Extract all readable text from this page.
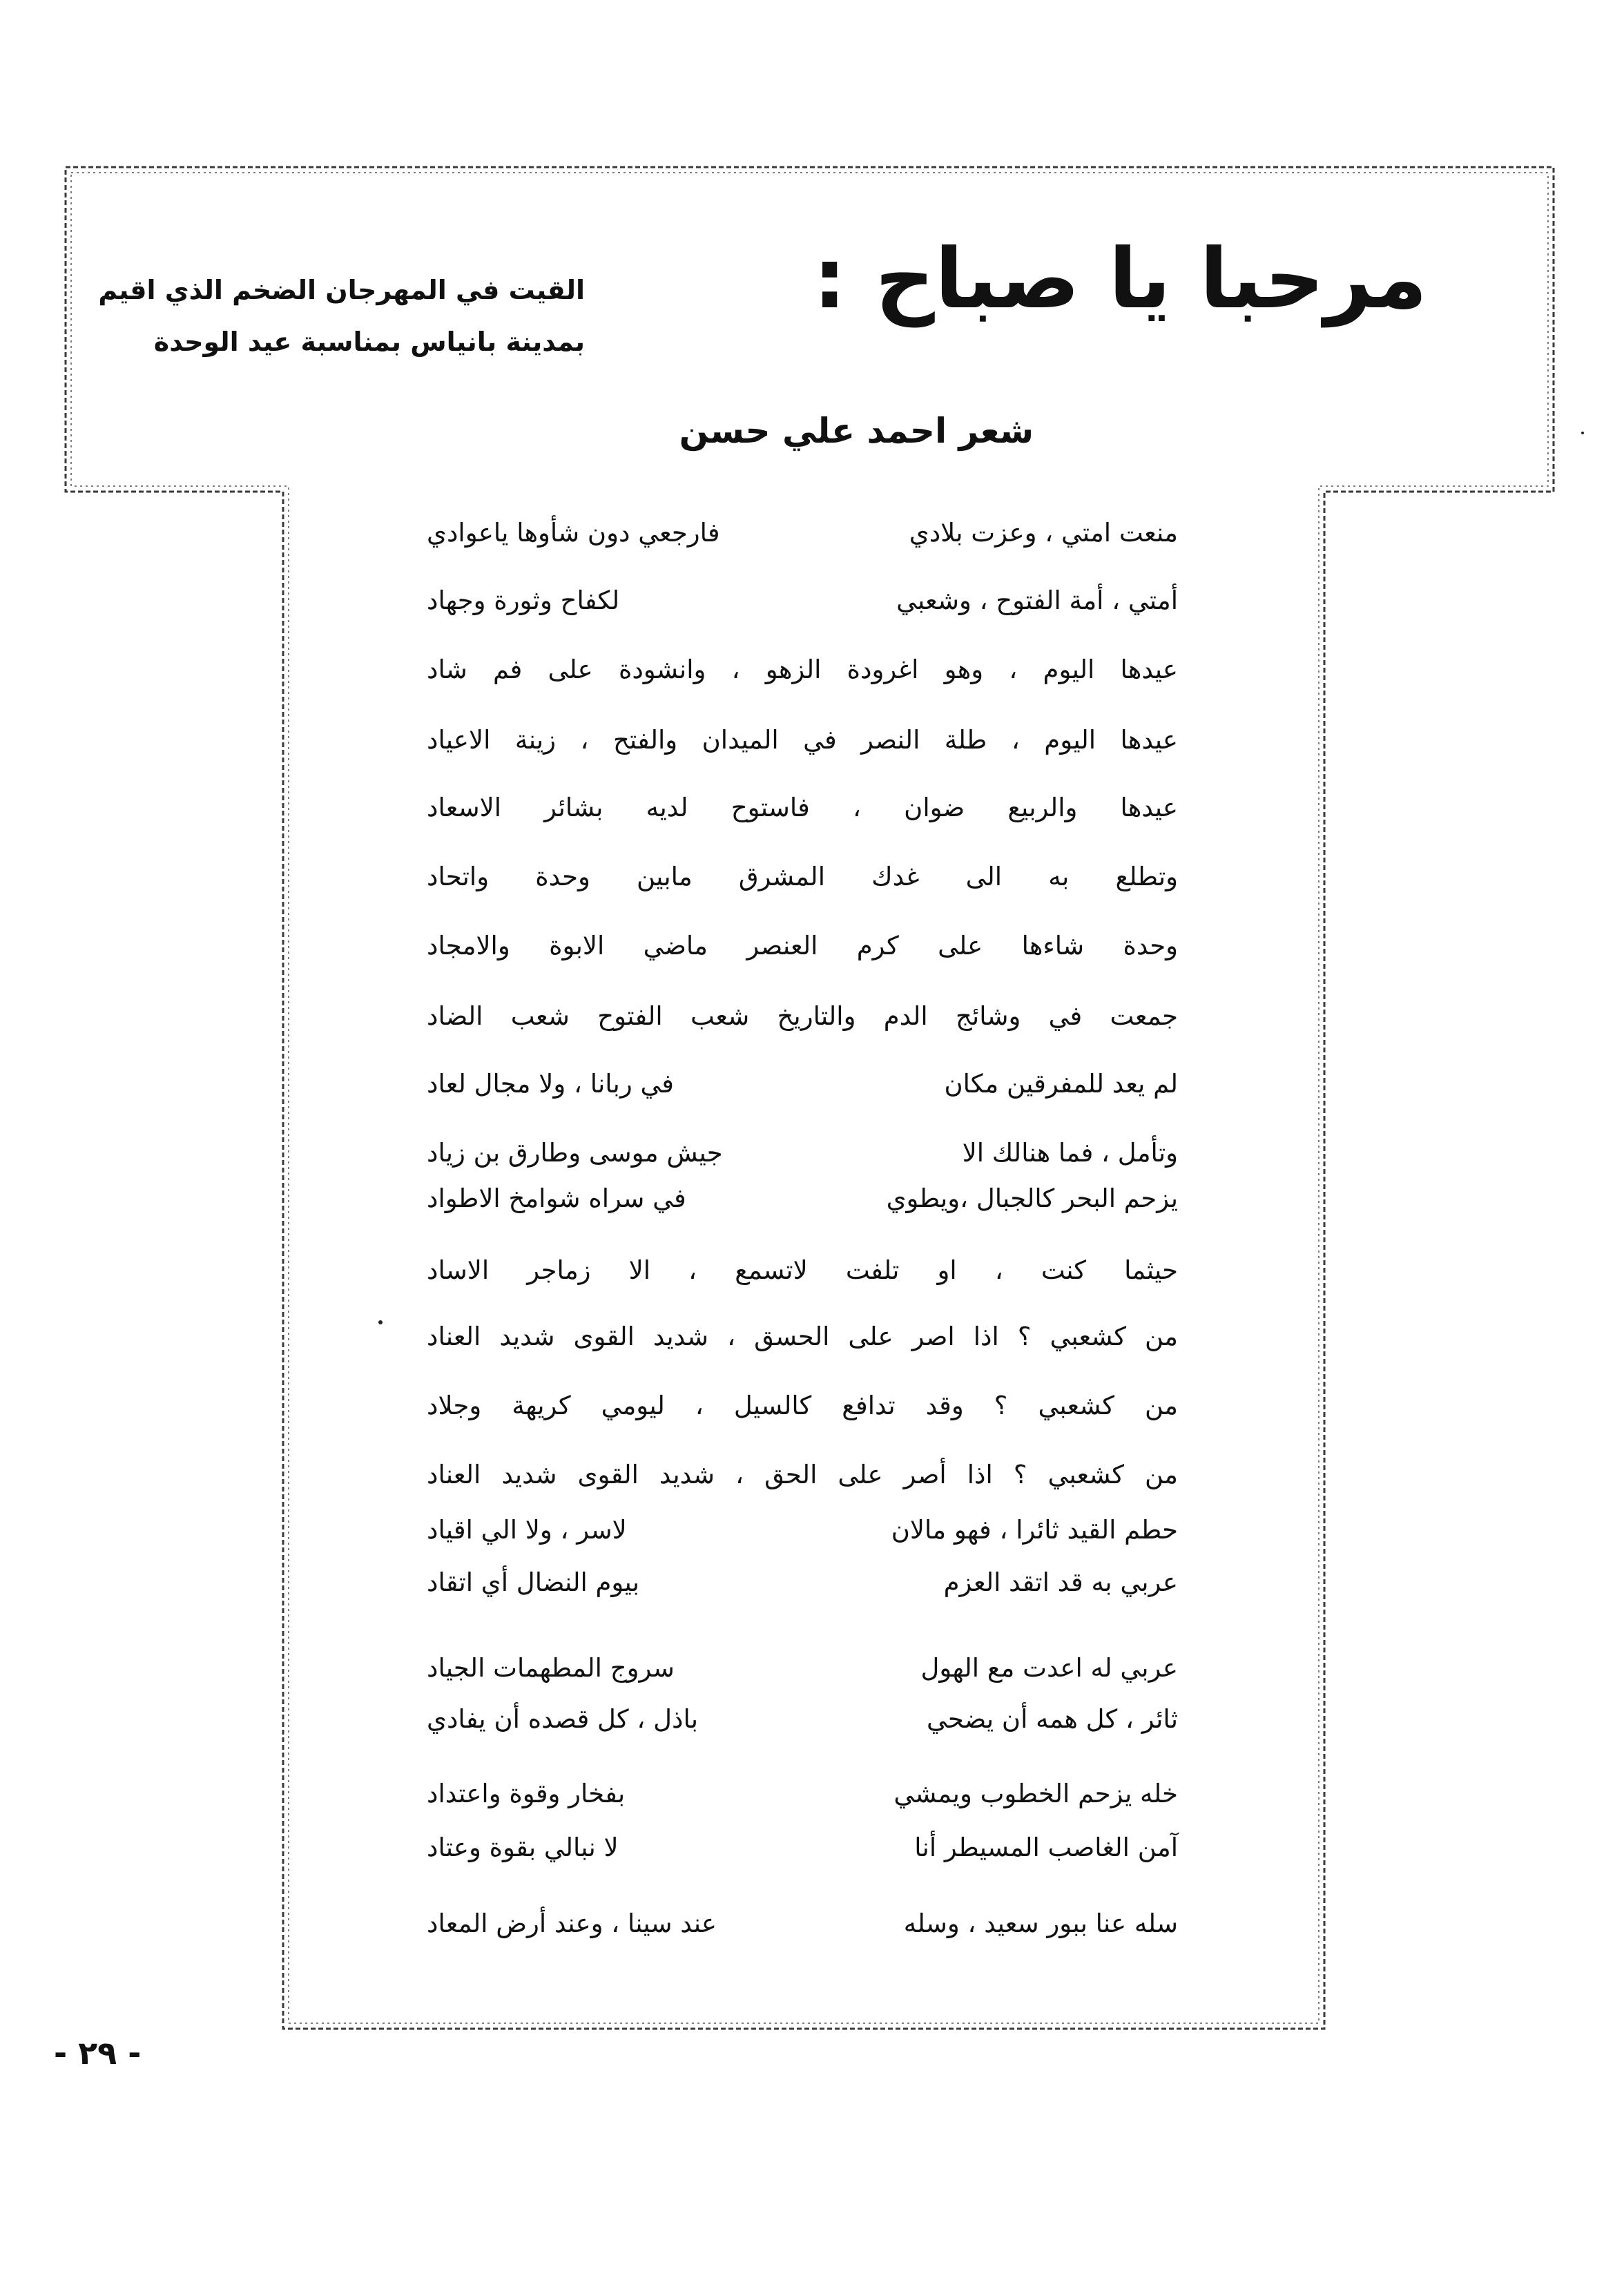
مرحبا يا صباح :
القيت في المهرجان الضخم الذي اقيم
بمدينة بانياس بمناسبة عيد الوحدة
شعر احمد علي حسن
منعت امتي ، وعزت بلادي
فارجعي دون شأوها ياعوادي
أمتي ، أمة الفتوح ، وشعبي
لكفاح وثورة وجهاد
عيدها اليوم ، وهو اغرودة الزهو ، وانشودة على فم شاد
عيدها اليوم ، طلة النصر في الميدان والفتح ، زينة الاعياد
عيدها والربيع ضوان ، فاستوح لديه بشائر الاسعاد
وتطلع به الى غدك المشرق مابين وحدة واتحاد
وحدة شاءها على كرم العنصر ماضي الابوة والامجاد
جمعت في وشائج الدم والتاريخ شعب الفتوح شعب الضاد
لم يعد للمفرقين مكان
في ربانا ، ولا مجال لعاد
وتأمل ، فما هنالك الا
جيش موسى وطارق بن زياد
يزحم البحر كالجبال ،ويطوي
في سراه شوامخ الاطواد
حيثما كنت ، او تلفت لاتسمع ، الا زماجر الاساد
من كشعبي ؟ اذا اصر على الحسق ، شديد القوى شديد العناد
من كشعبي ؟ وقد تدافع كالسيل ، ليومي كريهة وجلاد
من كشعبي ؟ اذا أصر على الحق ، شديد القوى شديد العناد
حطم القيد ثائرا ، فهو مالان
لاسر ، ولا الي اقياد
عربي به قد اتقد العزم
بيوم النضال أي اتقاد
عربي له اعدت مع الهول
سروج المطهمات الجياد
ثائر ، كل همه أن يضحي
باذل ، كل قصده أن يفادي
خله يزحم الخطوب ويمشي
بفخار وقوة واعتداد
آمن الغاصب المسيطر أنا
لا نبالي بقوة وعتاد
سله عنا ببور سعيد ، وسله
عند سينا ، وعند أرض المعاد
- ٢٩ -
